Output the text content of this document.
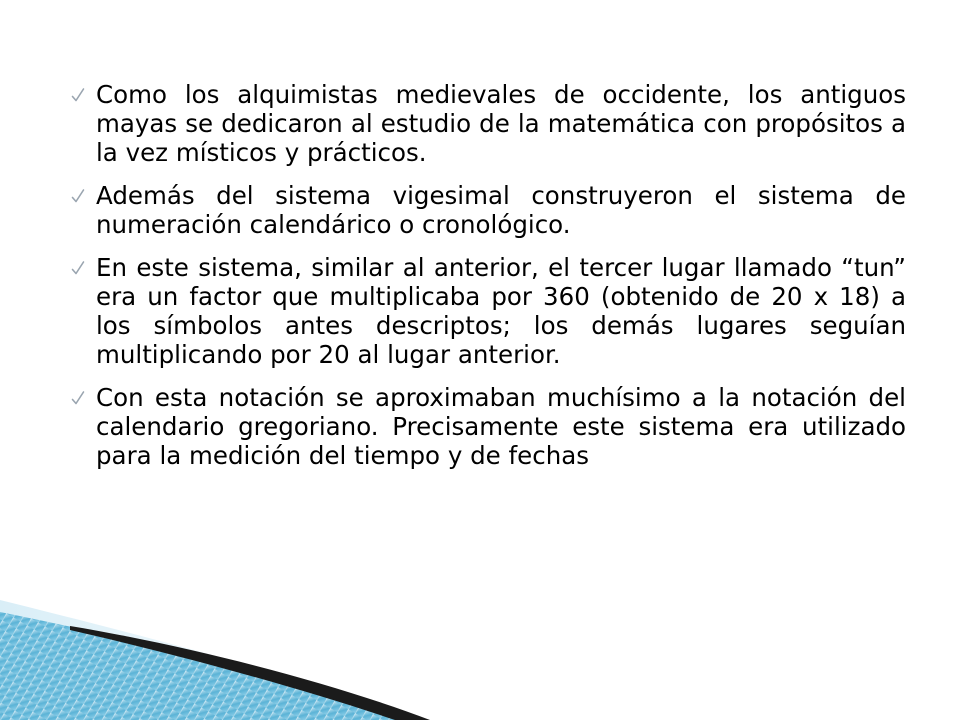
Como los alquimistas medievales de occidente, los antiguos mayas se dedicaron al estudio de la matemática con propósitos a la vez místicos y prácticos.
Además del sistema vigesimal construyeron el sistema de numeración calendárico o cronológico.
En este sistema, similar al anterior, el tercer lugar llamado “tun” era un factor que multiplicaba por 360 (obtenido de 20 x 18) a los símbolos antes descriptos; los demás lugares seguían multiplicando por 20 al lugar anterior.
Con esta notación se aproximaban muchísimo a la notación del calendario gregoriano. Precisamente este sistema era utilizado para la medición del tiempo y de fechas
